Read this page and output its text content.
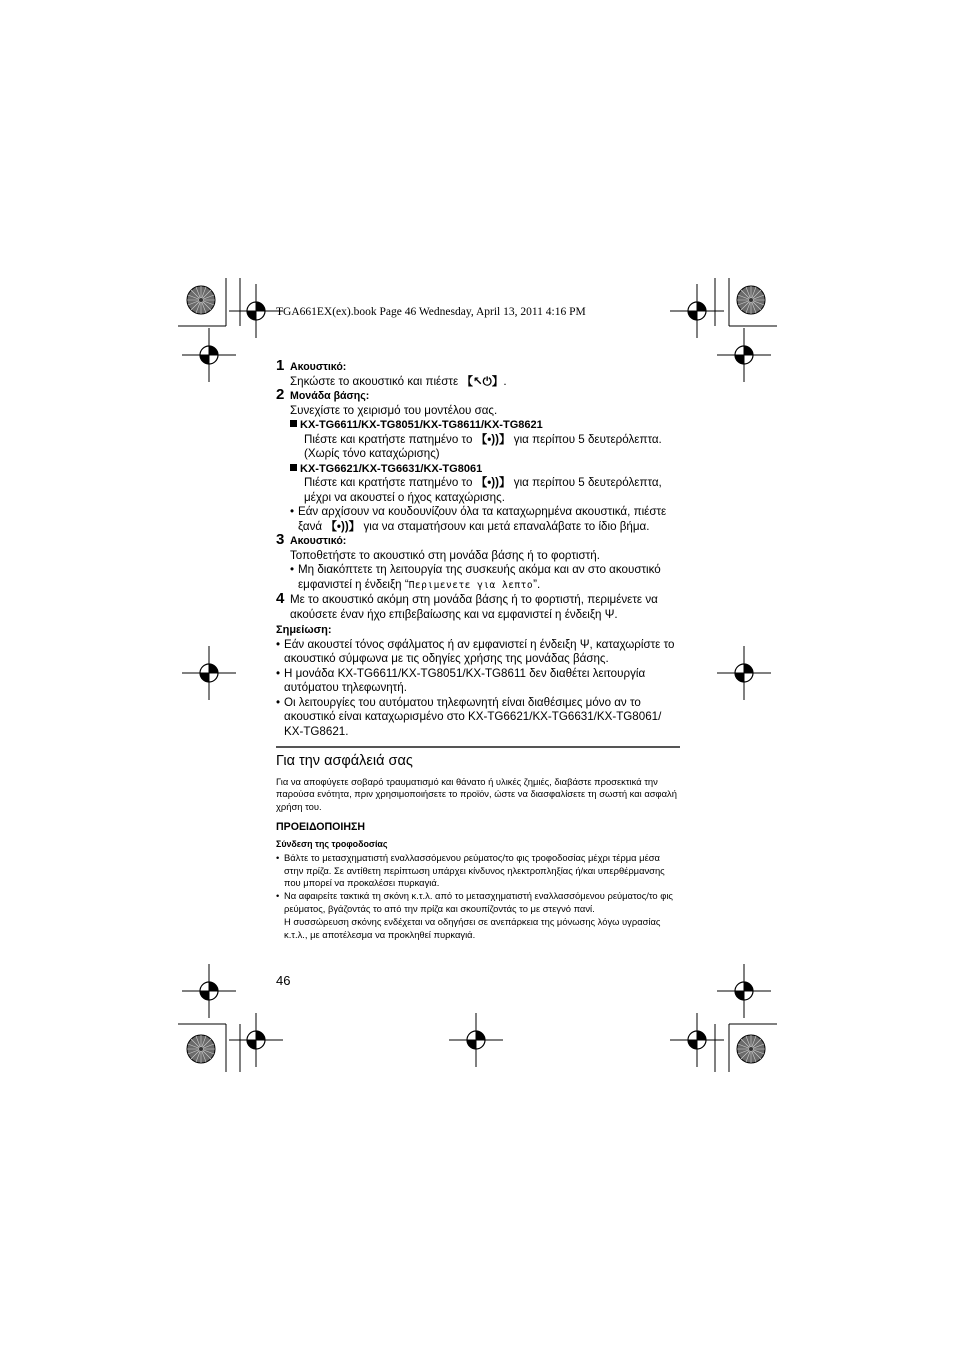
TGA661EX(ex).book Page 46 Wednesday, April 13, 2011 4:16 PM
1 Ακουστικό:
Σηκώστε το ακουστικό και πιέστε 【↖⏻】.
2 Μονάδα βάσης:
Συνεχίστε το χειρισμό του μοντέλου σας.
KX-TG6611/KX-TG8051/KX-TG8611/KX-TG8621
Πιέστε και κρατήστε πατημένο το 【•))】 για περίπου 5 δευτερόλεπτα. (Χωρίς τόνο καταχώρισης)
KX-TG6621/KX-TG6631/KX-TG8061
Πιέστε και κρατήστε πατημένο το 【•))】 για περίπου 5 δευτερόλεπτα, μέχρι να ακουστεί ο ήχος καταχώρισης.
• Εάν αρχίσουν να κουδουνίζουν όλα τα καταχωρημένα ακουστικά, πιέστε ξανά 【•))】 για να σταματήσουν και μετά επαναλάβατε το ίδιο βήμα.
3 Ακουστικό:
Τοποθετήστε το ακουστικό στη μονάδα βάσης ή το φορτιστή.
• Μη διακόπτετε τη λειτουργία της συσκευής ακόμα και αν στο ακουστικό εμφανιστεί η ένδειξη “Περιμενετε για λεπτο”.
4 Με το ακουστικό ακόμη στη μονάδα βάσης ή το φορτιστή, περιμένετε να ακούσετε έναν ήχο επιβεβαίωσης και να εμφανιστεί η ένδειξη Ψ.
Σημείωση:
• Εάν ακουστεί τόνος σφάλματος ή αν εμφανιστεί η ένδειξη Ψ, καταχωρίστε το ακουστικό σύμφωνα με τις οδηγίες χρήσης της μονάδας βάσης.
• Η μονάδα KX-TG6611/KX-TG8051/KX-TG8611 δεν διαθέτει λειτουργία αυτόματου τηλεφωνητή.
• Οι λειτουργίες του αυτόματου τηλεφωνητή είναι διαθέσιμες μόνο αν το ακουστικό είναι καταχωρισμένο στο KX-TG6621/KX-TG6631/KX-TG8061/ KX-TG8621.
Για την ασφάλειά σας
Για να αποφύγετε σοβαρό τραυματισμό και θάνατο ή υλικές ζημιές, διαβάστε προσεκτικά την παρούσα ενότητα, πριν χρησιμοποιήσετε το προϊόν, ώστε να διασφαλίσετε τη σωστή και ασφαλή χρήση του.
ΠΡΟΕΙΔΟΠΟΙΗΣΗ
Σύνδεση της τροφοδοσίας
• Βάλτε το μετασχηματιστή εναλλασσόμενου ρεύματος/το φις τροφοδοσίας μέχρι τέρμα μέσα στην πρίζα. Σε αντίθετη περίπτωση υπάρχει κίνδυνος ηλεκτροπληξίας ή/και υπερθέρμανσης που μπορεί να προκαλέσει πυρκαγιά.
• Να αφαιρείτε τακτικά τη σκόνη κ.τ.λ. από το μετασχηματιστή εναλλασσόμενου ρεύματος/το φις ρεύματος, βγάζοντάς το από την πρίζα και σκουπίζοντάς το με στεγνό πανί.
Η συσσώρευση σκόνης ενδέχεται να οδηγήσει σε ανεπάρκεια της μόνωσης λόγω υγρασίας κ.τ.λ., με αποτέλεσμα να προκληθεί πυρκαγιά.
46
